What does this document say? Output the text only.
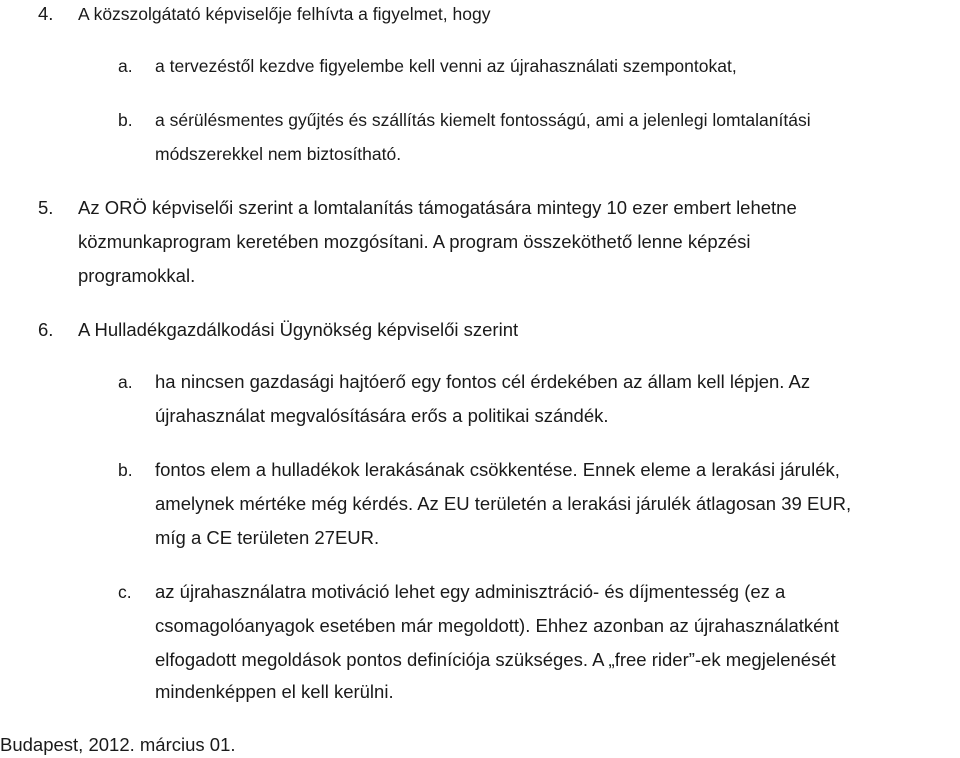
4. A közszolgátató képviselője felhívta a figyelmet, hogy
a. a tervezéstől kezdve figyelembe kell venni az újrahasználati szempontokat,
b. a sérülésmentes gyűjtés és szállítás kiemelt fontosságú, ami a jelenlegi lomtalanítási
módszerekkel nem biztosítható.
5. Az ORÖ képviselői szerint a lomtalanítás támogatására mintegy 10 ezer embert lehetne
közmunkaprogram keretében mozgósítani. A program összeköthető lenne képzési
programokkal.
6. A Hulladékgazdálkodási Ügynökség képviselői szerint
a. ha nincsen gazdasági hajtóerő egy fontos cél érdekében az állam kell lépjen. Az
újrahasználat megvalósítására erős a politikai szándék.
b. fontos elem a hulladékok lerakásának csökkentése. Ennek eleme a lerakási járulék,
amelynek mértéke még kérdés. Az EU területén a lerakási járulék átlagosan 39 EUR,
míg a CE területen 27EUR.
c. az újrahasználatra motiváció lehet egy adminisztráció- és díjmentesség (ez a
csomagolóanyagok esetében már megoldott). Ehhez azonban az újrahasználatként
elfogadott megoldások pontos definíciója szükséges. A „free rider”-ek megjelenését
mindenképpen el kell kerülni.
Budapest, 2012. március 01.
